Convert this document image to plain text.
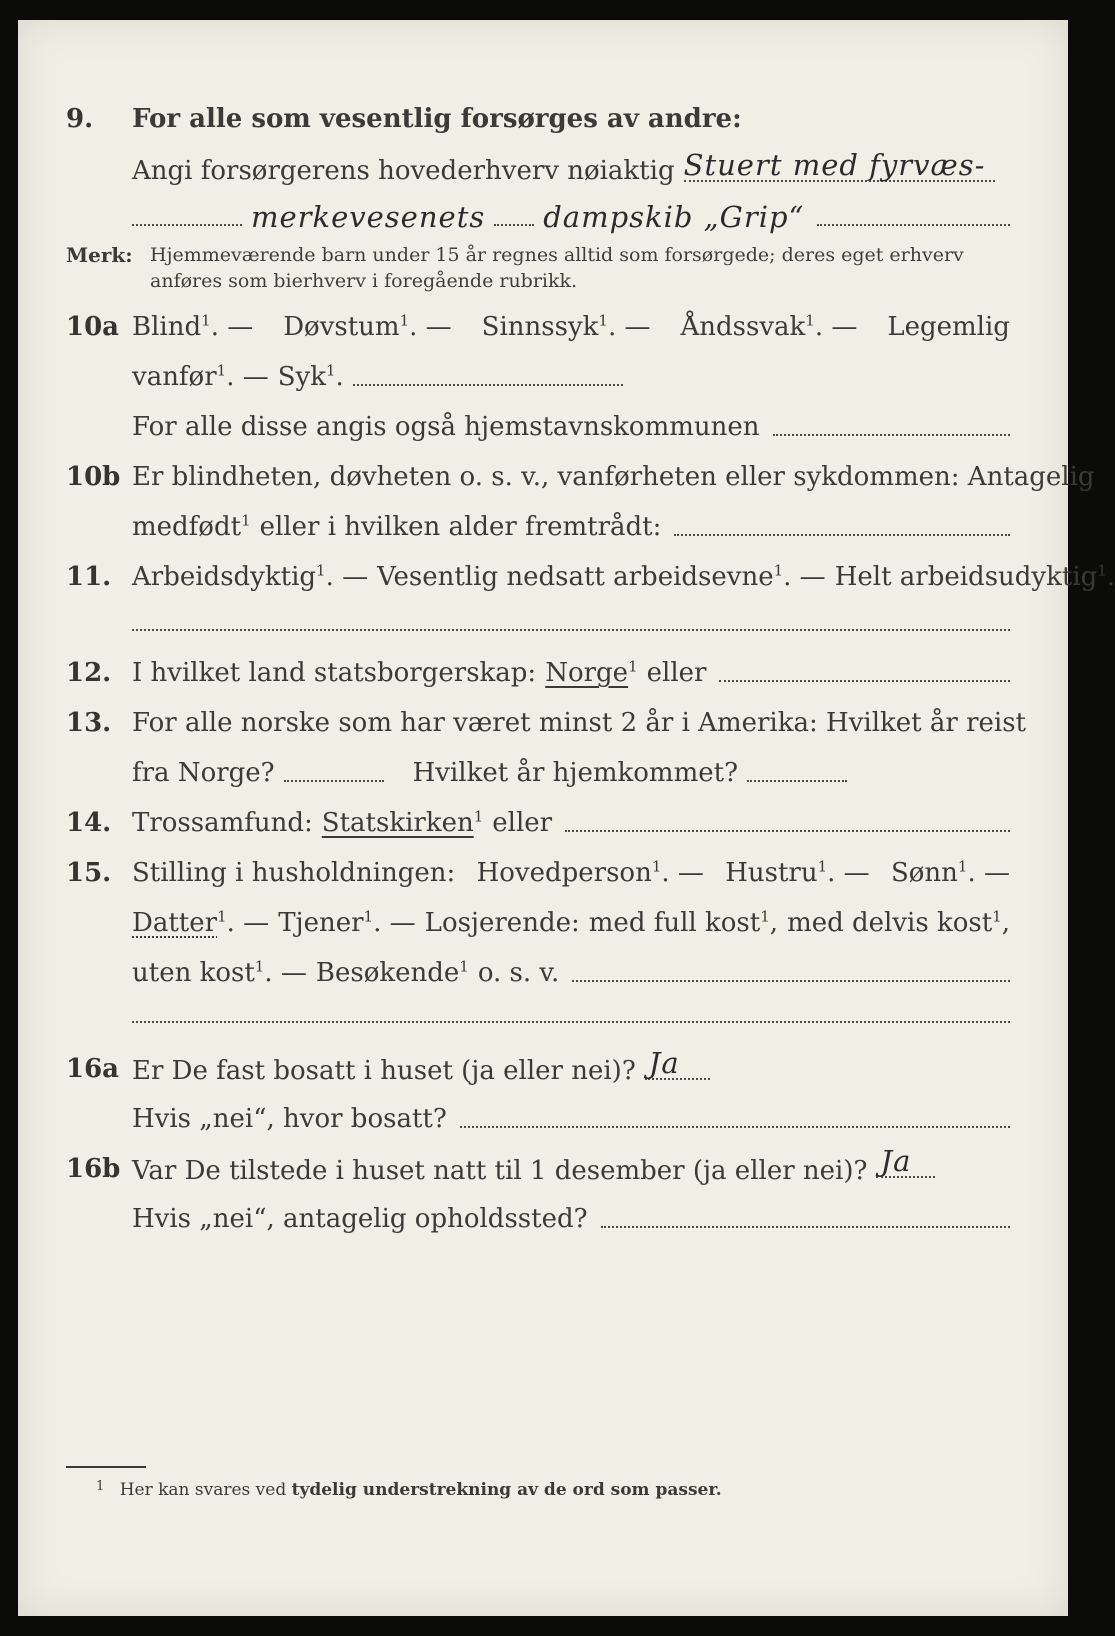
9. For alle som vesentlig forsørges av andre:
Angi forsørgerens hovederhverv nøiaktig Stuert med fyrvæs-
merkevesenets dampskib „Grip“
Merk: Hjemmeværende barn under 15 år regnes alltid som forsørgede; deres eget erhverv
anføres som bierhverv i foregående rubrikk.
10a Blind$^1$. — Døvstum$^1$. — Sinnssyk$^1$. — Åndssvak$^1$. — Legemlig
vanfør$^1$. — Syk$^1$.
For alle disse angis også hjemstavnskommunen
10b Er blindheten, døvheten o. s. v., vanførheten eller sykdommen: Antagelig
medfødt$^1$ eller i hvilken alder fremtrådt:
11. Arbeidsdyktig$^1$. — Vesentlig nedsatt arbeidsevne$^1$. — Helt arbeidsudyktig$^1$.
12. I hvilket land statsborgerskap: Norge$^1$ eller
13. For alle norske som har været minst 2 år i Amerika: Hvilket år reist
fra Norge?	Hvilket år hjemkommet?
14. Trossamfund: Statskirken$^1$ eller
15. Stilling i husholdningen: Hovedperson$^1$. — Hustru$^1$. — Sønn$^1$. —
Datter$^1$. — Tjener$^1$. — Losjerende: med full kost$^1$, med delvis kost$^1$,
uten kost$^1$. — Besøkende$^1$ o. s. v.
16a Er De fast bosatt i huset (ja eller nei)? Ja
Hvis „nei“, hvor bosatt?
16b Var De tilstede i huset natt til 1 desember (ja eller nei)? Ja
Hvis „nei“, antagelig opholdssted?
$^1$ Her kan svares ved tydelig understrekning av de ord som passer.
